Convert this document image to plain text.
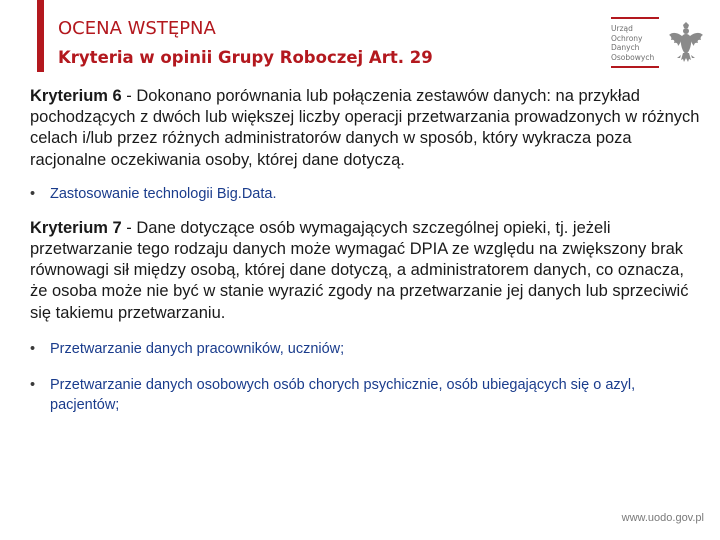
OCENA WSTĘPNA
Kryteria w opinii Grupy Roboczej Art. 29
Urząd
Ochrony
Danych
Osobowych

Kryterium 6 - Dokonano porównania lub połączenia zestawów danych: na przykład pochodzących z dwóch lub większej liczby operacji przetwarzania prowadzonych w różnych celach i/lub przez różnych administratorów danych w sposób, który wykracza poza racjonalne oczekiwania osoby, której dane dotyczą.

• Zastosowanie technologii Big.Data.

Kryterium 7 - Dane dotyczące osób wymagających szczególnej opieki, tj. jeżeli przetwarzanie tego rodzaju danych może wymagać DPIA ze względu na zwiększony brak równowagi sił między osobą, której dane dotyczą, a administratorem danych, co oznacza, że osoba może nie być w stanie wyrazić zgody na przetwarzanie jej danych lub sprzeciwić się takiemu przetwarzaniu.

• Przetwarzanie danych pracowników, uczniów;
• Przetwarzanie danych osobowych osób chorych psychicznie, osób ubiegających się o azyl, pacjentów;
www.uodo.gov.pl
